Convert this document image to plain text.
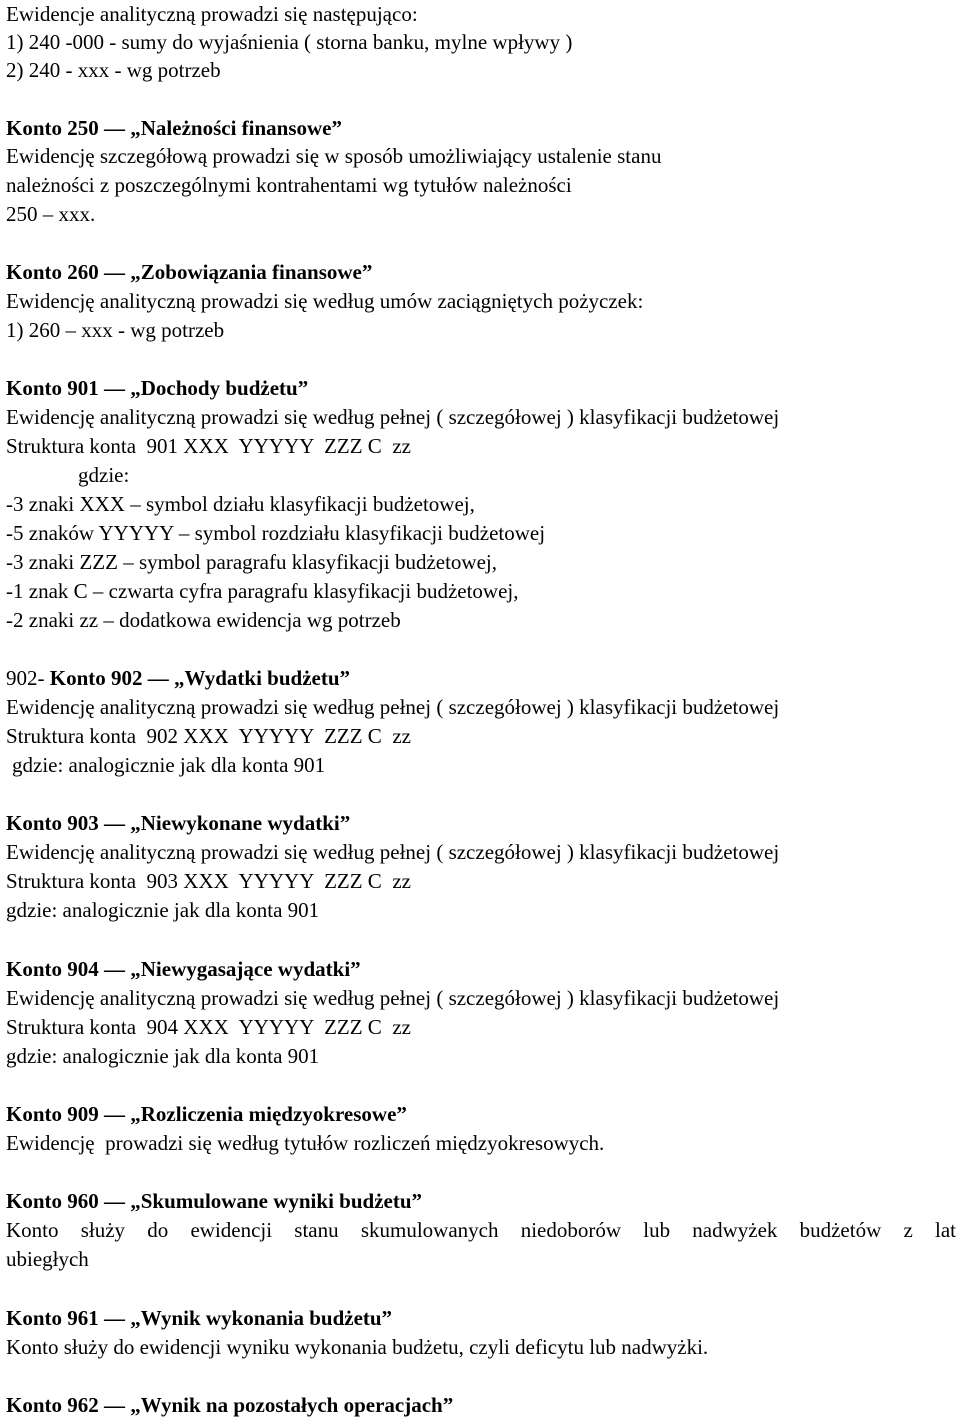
Ewidencje analityczną prowadzi się następująco:
1) 240 -000 - sumy do wyjaśnienia ( storna banku, mylne wpływy )
2) 240 - xxx - wg potrzeb
Konto 250 — „Należności finansowe”
Ewidencję szczegółową prowadzi się w sposób umożliwiający ustalenie stanu
należności z poszczególnymi kontrahentami wg tytułów należności
250 – xxx.
Konto 260 — „Zobowiązania finansowe”
Ewidencję analityczną prowadzi się według umów zaciągniętych pożyczek:
1) 260 – xxx - wg potrzeb
Konto 901 — „Dochody budżetu”
Ewidencję analityczną prowadzi się według pełnej ( szczegółowej ) klasyfikacji budżetowej
Struktura konta  901 XXX  YYYYY  ZZZ C  zz
gdzie:
-3 znaki XXX – symbol działu klasyfikacji budżetowej,
-5 znaków YYYYY – symbol rozdziału klasyfikacji budżetowej
-3 znaki ZZZ – symbol paragrafu klasyfikacji budżetowej,
-1 znak C – czwarta cyfra paragrafu klasyfikacji budżetowej,
-2 znaki zz – dodatkowa ewidencja wg potrzeb
902- Konto 902 — „Wydatki budżetu”
Ewidencję analityczną prowadzi się według pełnej ( szczegółowej ) klasyfikacji budżetowej
Struktura konta  902 XXX  YYYYY  ZZZ C  zz
gdzie: analogicznie jak dla konta 901
Konto 903 — „Niewykonane wydatki”
Ewidencję analityczną prowadzi się według pełnej ( szczegółowej ) klasyfikacji budżetowej
Struktura konta  903 XXX  YYYYY  ZZZ C  zz
gdzie: analogicznie jak dla konta 901
Konto 904 — „Niewygasające wydatki”
Ewidencję analityczną prowadzi się według pełnej ( szczegółowej ) klasyfikacji budżetowej
Struktura konta  904 XXX  YYYYY  ZZZ C  zz
gdzie: analogicznie jak dla konta 901
Konto 909 — „Rozliczenia międzyokresowe”
Ewidencję  prowadzi się według tytułów rozliczeń międzyokresowych.
Konto 960 — „Skumulowane wyniki budżetu”
Konto służy do ewidencji stanu skumulowanych niedoborów lub nadwyżek budżetów z lat
ubiegłych
Konto 961 — „Wynik wykonania budżetu”
Konto służy do ewidencji wyniku wykonania budżetu, czyli deficytu lub nadwyżki.
Konto 962 — „Wynik na pozostałych operacjach”
